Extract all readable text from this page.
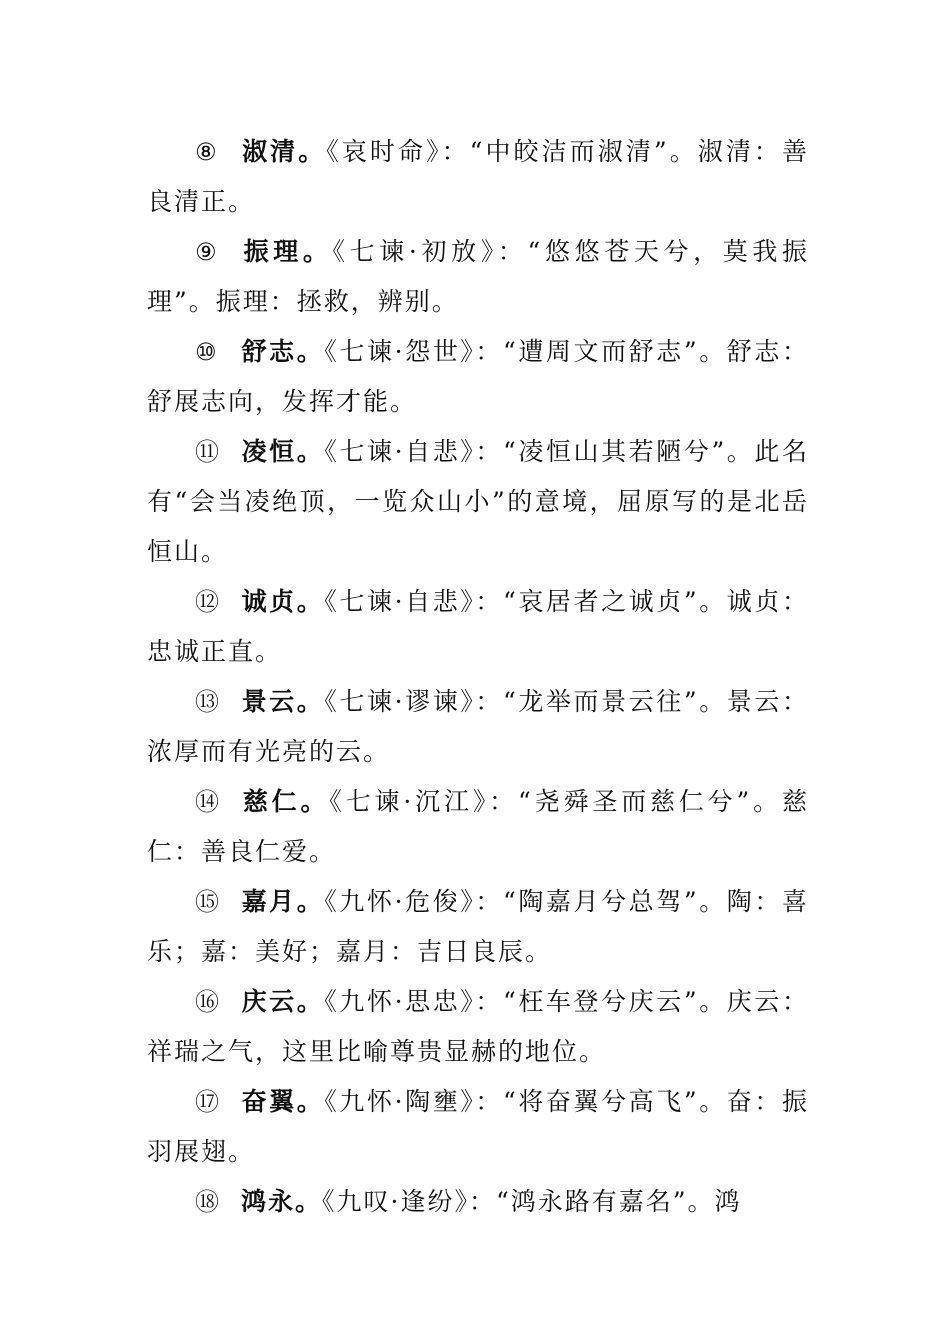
⑧ 淑清。《哀时命》：“中皎洁而淑清”。淑清：善良清正。

⑨ 振理。《七谏·初放》：“悠悠苍天兮，莫我振理”。振理：拯救，辨别。

⑩ 舒志。《七谏·怨世》：“遭周文而舒志”。舒志：舒展志向，发挥才能。

⑪ 凌恒。《七谏·自悲》：“凌恒山其若陋兮”。此名有“会当凌绝顶，一览众山小”的意境，屈原写的是北岳恒山。

⑫ 诚贞。《七谏·自悲》：“哀居者之诚贞”。诚贞：忠诚正直。

⑬ 景云。《七谏·谬谏》：“龙举而景云往”。景云：浓厚而有光亮的云。

⑭ 慈仁。《七谏·沉江》：“尧舜圣而慈仁兮”。慈仁：善良仁爱。

⑮ 嘉月。《九怀·危俊》：“陶嘉月兮总驾”。陶：喜乐；嘉：美好；嘉月：吉日良辰。

⑯ 庆云。《九怀·思忠》：“枉车登兮庆云”。庆云：祥瑞之气，这里比喻尊贵显赫的地位。

⑰ 奋翼。《九怀·陶壅》：“将奋翼兮高飞”。奋：振羽展翅。

⑱ 鸿永。《九叹·逢纷》：“鸿永路有嘉名”。鸿
